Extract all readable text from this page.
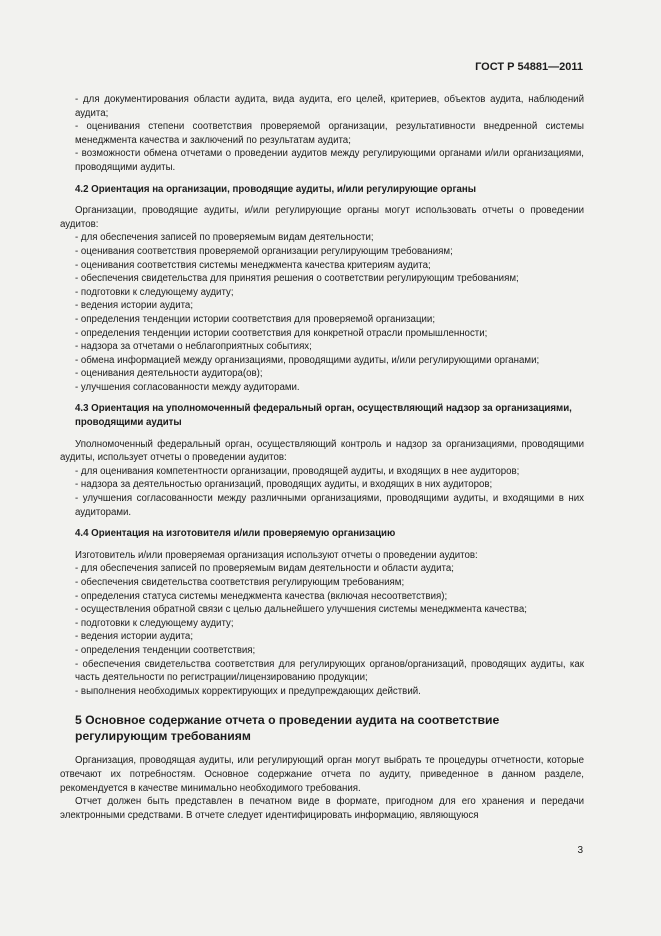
ГОСТ Р 54881—2011

- для документирования области аудита, вида аудита, его целей, критериев, объектов аудита, наблюдений аудита;

- оценивания степени соответствия проверяемой организации, результативности внедренной системы менеджмента качества и заключений по результатам аудита;

- возможности обмена отчетами о проведении аудитов между регулирующими органами и/или организациями, проводящими аудиты.

4.2 Ориентация на организации, проводящие аудиты, и/или регулирующие органы

Организации, проводящие аудиты, и/или регулирующие органы могут использовать отчеты о проведении аудитов:

- для обеспечения записей по проверяемым видам деятельности;

- оценивания соответствия проверяемой организации регулирующим требованиям;

- оценивания соответствия системы менеджмента качества критериям аудита;

- обеспечения свидетельства для принятия решения о соответствии регулирующим требованиям;

- подготовки к следующему аудиту;

- ведения истории аудита;

- определения тенденции истории соответствия для проверяемой организации;

- определения тенденции истории соответствия для конкретной отрасли промышленности;

- надзора за отчетами о неблагоприятных событиях;

- обмена информацией между организациями, проводящими аудиты, и/или регулирующими органами;

- оценивания деятельности аудитора(ов);

- улучшения согласованности между аудиторами.

4.3 Ориентация на уполномоченный федеральный орган, осуществляющий надзор за организациями, проводящими аудиты

Уполномоченный федеральный орган, осуществляющий контроль и надзор за организациями, проводящими аудиты, использует отчеты о проведении аудитов:

- для оценивания компетентности организации, проводящей аудиты, и входящих в нее аудиторов;

- надзора за деятельностью организаций, проводящих аудиты, и входящих в них аудиторов;

- улучшения согласованности между различными организациями, проводящими аудиты, и входящими в них аудиторами.

4.4 Ориентация на изготовителя и/или проверяемую организацию

Изготовитель и/или проверяемая организация используют отчеты о проведении аудитов:

- для обеспечения записей по проверяемым видам деятельности и области аудита;

- обеспечения свидетельства соответствия регулирующим требованиям;

- определения статуса системы менеджмента качества (включая несоответствия);

- осуществления обратной связи с целью дальнейшего улучшения системы менеджмента качества;

- подготовки к следующему аудиту;

- ведения истории аудита;

- определения тенденции соответствия;

- обеспечения свидетельства соответствия для регулирующих органов/организаций, проводящих аудиты, как часть деятельности по регистрации/лицензированию продукции;

- выполнения необходимых корректирующих и предупреждающих действий.

5 Основное содержание отчета о проведении аудита на соответствие регулирующим требованиям

Организация, проводящая аудиты, или регулирующий орган могут выбрать те процедуры отчетности, которые отвечают их потребностям. Основное содержание отчета по аудиту, приведенное в данном разделе, рекомендуется в качестве минимально необходимого требования.

Отчет должен быть представлен в печатном виде в формате, пригодном для его хранения и передачи электронными средствами. В отчете следует идентифицировать информацию, являющуюся

3
